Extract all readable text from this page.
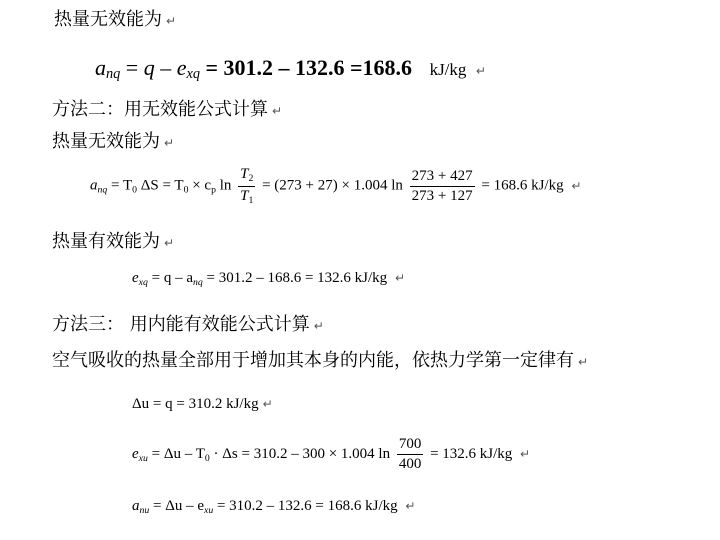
热量无效能为 ↵
$a_{nq} = q - e_{xq} = 301.2 - 132.6 =168.6$ kJ/kg ↵
方法二：用无效能公式计算 ↵
热量无效能为 ↵
$a_{nq} = T_0$ $\Delta S = T_0 \times c_p$ $\ln \frac{T_2}{T_1} = (273 + 27) \times 1.004$ $\ln \frac{273 + 427}{273 + 127} = 168.6$ kJ/kg ↵
热量有效能为 ↵
$e_{xq} = q - a_{nq} = 301.2 - 168.6 = 132.6$ kJ/kg ↵
方法三： 用内能有效能公式计算 ↵
空气吸收的热量全部用于增加其本身的内能，依热力学第一定律有 ↵
Δu = q = 310.2 kJ/kg ↵
$e_{xu} = \Delta u - T_0 \cdot \Delta s = 310.2 - 300 \times 1.004$ $\ln \frac{700}{400} = 132.6$ kJ/kg ↵
$a_{nu} = \Delta u - e_{xu} = 310.2 - 132.6 = 168.6$ kJ/kg ↵
